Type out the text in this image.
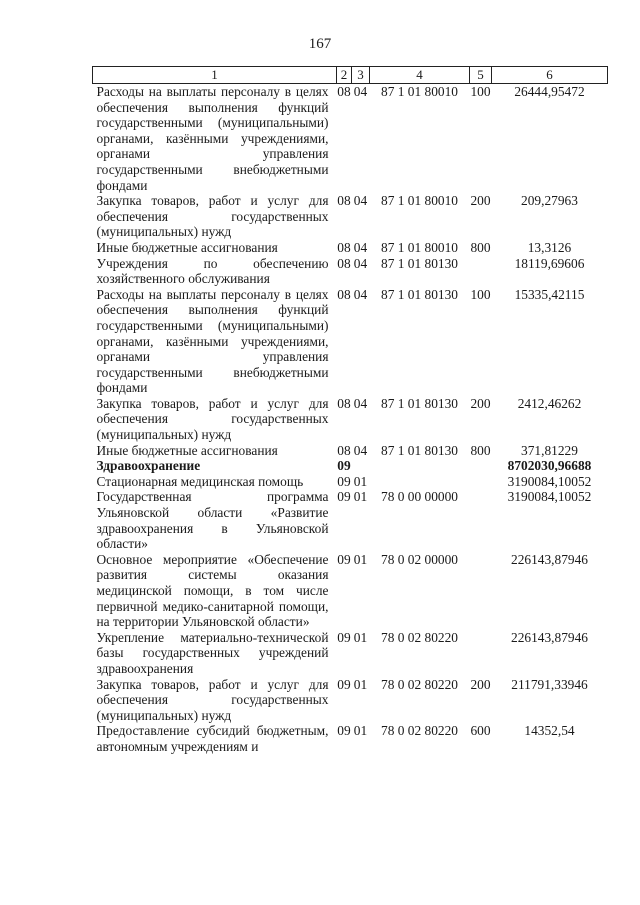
167
1	2	3	4	5	6
Расходы на выплаты персоналу в целях обеспечения выполнения функций государственными (муниципальными) органами, казёнными учреждениями, органами управления государственными внебюджетными фондами	08	04	87 1 01 80010	100	26444,95472
Закупка товаров, работ и услуг для обеспечения государственных (муниципальных) нужд	08	04	87 1 01 80010	200	209,27963
Иные бюджетные ассигнования	08	04	87 1 01 80010	800	13,3126
Учреждения по обеспечению хозяйственного обслуживания	08	04	87 1 01 80130		18119,69606
Расходы на выплаты персоналу в целях обеспечения выполнения функций государственными (муниципальными) органами, казёнными учреждениями, органами управления государственными внебюджетными фондами	08	04	87 1 01 80130	100	15335,42115
Закупка товаров, работ и услуг для обеспечения государственных (муниципальных) нужд	08	04	87 1 01 80130	200	2412,46262
Иные бюджетные ассигнования	08	04	87 1 01 80130	800	371,81229
Здравоохранение	09				8702030,96688
Стационарная медицинская помощь	09	01			3190084,10052
Государственная программа Ульяновской области «Развитие здравоохранения в Ульяновской области»	09	01	78 0 00 00000		3190084,10052
Основное мероприятие «Обеспечение развития системы оказания медицинской помощи, в том числе первичной медико-санитарной помощи, на территории Ульяновской области»	09	01	78 0 02 00000		226143,87946
Укрепление материально-технической базы государственных учреждений здравоохранения	09	01	78 0 02 80220		226143,87946
Закупка товаров, работ и услуг для обеспечения государственных (муниципальных) нужд	09	01	78 0 02 80220	200	211791,33946
Предоставление субсидий бюджетным, автономным учреждениям и	09	01	78 0 02 80220	600	14352,54
